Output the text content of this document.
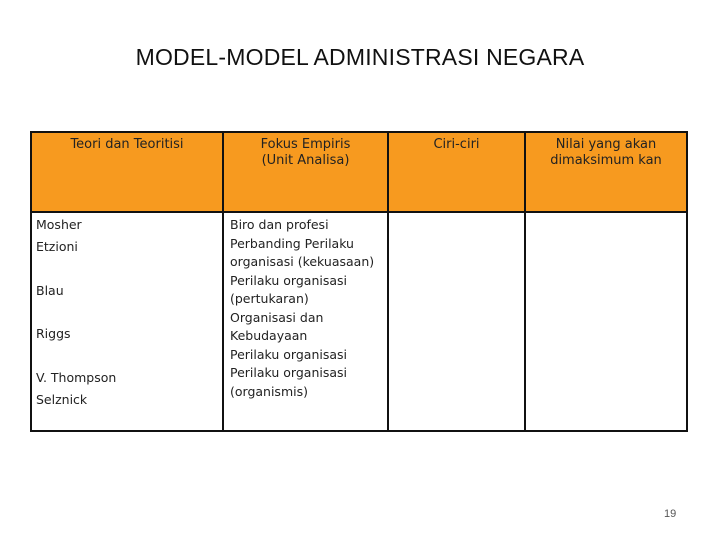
MODEL-MODEL ADMINISTRASI NEGARA
Teori dan Teoritisi	Fokus Empiris
(Unit Analisa)
Ciri-ciri	Nilai yang akan
dimaksimum kan
Mosher
Etzioni
Blau
Riggs
V. Thompson
Selznick
Biro dan profesi
Perbanding Perilaku
organisasi (kekuasaan)
Perilaku organisasi
(pertukaran)
Organisasi dan
Kebudayaan
Perilaku organisasi
Perilaku organisasi
(organismis)
19
